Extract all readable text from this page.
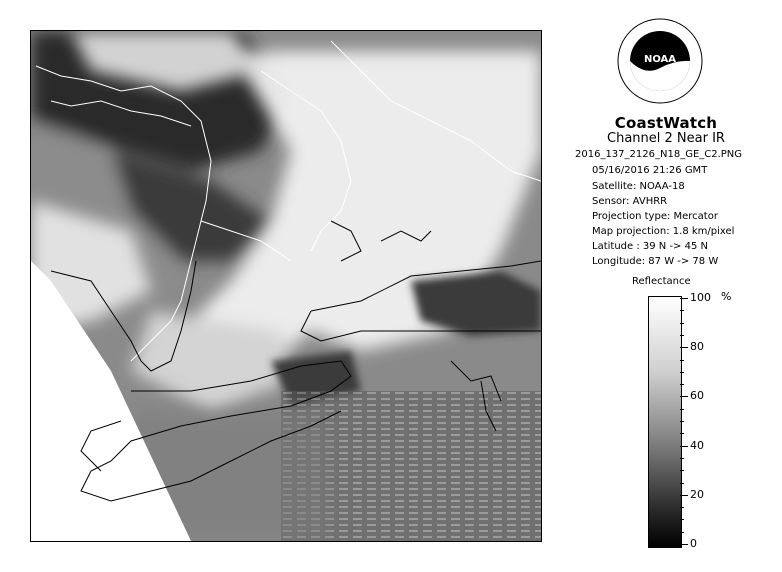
NOAA
CoastWatch
Channel 2 Near IR
2016_137_2126_N18_GE_C2.PNG
05/16/2016 21:26 GMT
Satellite: NOAA-18
Sensor: AVHRR
Projection type: Mercator
Map projection: 1.8 km/pixel
Latitude : 39 N -> 45 N
Longitude: 87 W -> 78 W
Reflectance
%
100
80
60
40
20
0
